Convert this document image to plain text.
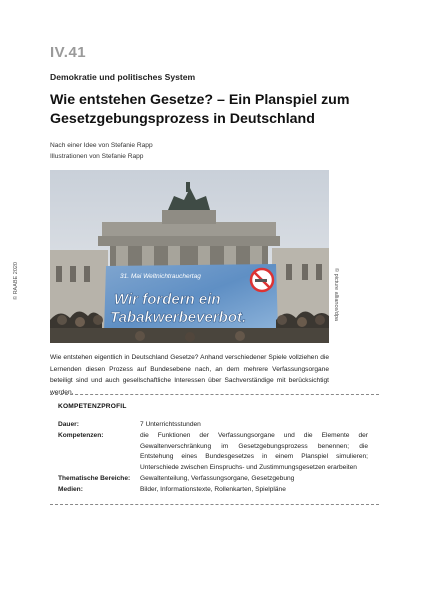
IV.41
Demokratie und politisches System
Wie entstehen Gesetze? – Ein Planspiel zum Gesetzgebungsprozess in Deutschland
Nach einer Idee von Stefanie Rapp
Illustrationen von Stefanie Rapp
31. Mai Weltnichtrauchertag
Wir fordern ein
Tabakwerbeverbot.
© RAABE 2020	© picture alliance/dpa

Wie entstehen eigentlich in Deutschland Gesetze? Anhand verschiedener Spiele vollziehen die Lernenden diesen Prozess auf Bundesebene nach, an dem mehrere Verfassungsorgane beteiligt sind und auch gesellschaftliche Interessen über Sachverständige mit berücksichtigt werden.

KOMPETENZPROFIL
Dauer:	7 Unterrichtsstunden
Kompetenzen:	die Funktionen der Verfassungsorgane und die Elemente der Gewaltenverschränkung im Gesetzgebungsprozess benennen; die Entstehung eines Bundesgesetzes in einem Planspiel simulieren; Unterschiede zwischen Einspruchs- und Zustimmungsgesetzen erarbeiten
Thematische Bereiche:	Gewaltenteilung, Verfassungsorgane, Gesetzgebung
Medien:	Bilder, Informationstexte, Rollenkarten, Spielpläne
